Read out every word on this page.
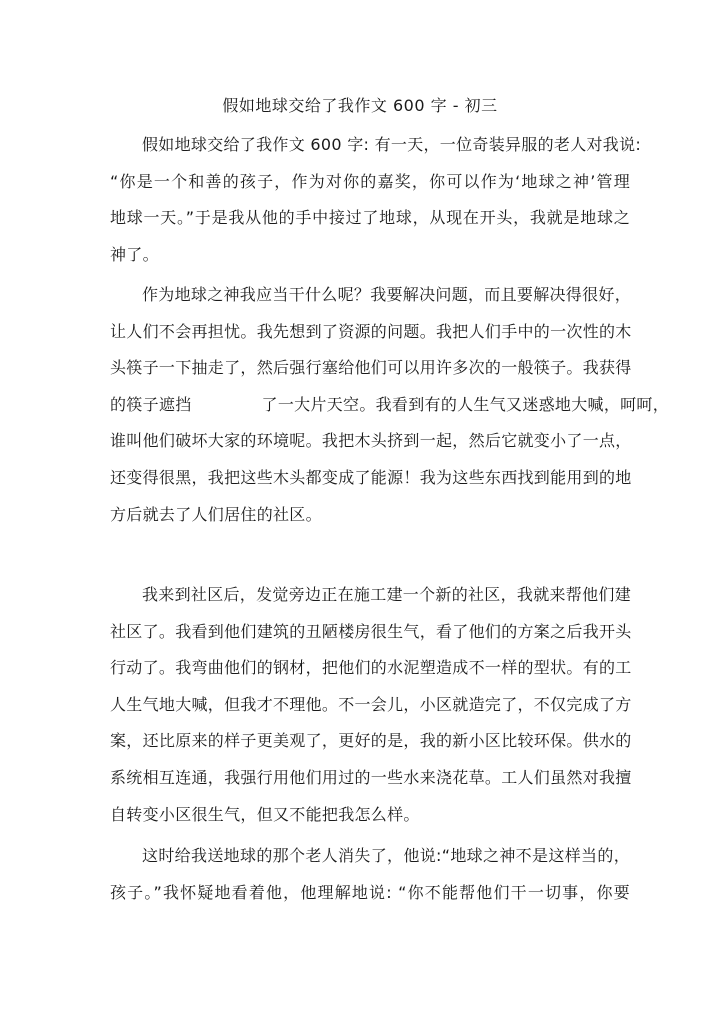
假如地球交给了我作文 600 字 - 初三

假如地球交给了我作文 600 字: 有一天，一位奇装异服的老人对我说:
“你是一个和善的孩子，作为对你的嘉奖，你可以作为‘地球之神’管理
地球一天。”于是我从他的手中接过了地球，从现在开头，我就是地球之
神了。

作为地球之神我应当干什么呢？我要解决问题，而且要解决得很好，
让人们不会再担忧。我先想到了资源的问题。我把人们手中的一次性的木
头筷子一下抽走了，然后强行塞给他们可以用许多次的一般筷子。我获得
的筷子遮挡	了一大片天空。我看到有的人生气又迷惑地大喊，呵呵，
谁叫他们破坏大家的环境呢。我把木头挤到一起，然后它就变小了一点，
还变得很黑，我把这些木头都变成了能源！我为这些东西找到能用到的地
方后就去了人们居住的社区。

我来到社区后，发觉旁边正在施工建一个新的社区，我就来帮他们建
社区了。我看到他们建筑的丑陋楼房很生气，看了他们的方案之后我开头
行动了。我弯曲他们的钢材，把他们的水泥塑造成不一样的型状。有的工
人生气地大喊，但我才不理他。不一会儿，小区就造完了，不仅完成了方
案，还比原来的样子更美观了，更好的是，我的新小区比较环保。供水的
系统相互连通，我强行用他们用过的一些水来浇花草。工人们虽然对我擅
自转变小区很生气，但又不能把我怎么样。

这时给我送地球的那个老人消失了，他说:“地球之神不是这样当的，
孩子。”我怀疑地看着他，他理解地说: “你不能帮他们干一切事，你要
